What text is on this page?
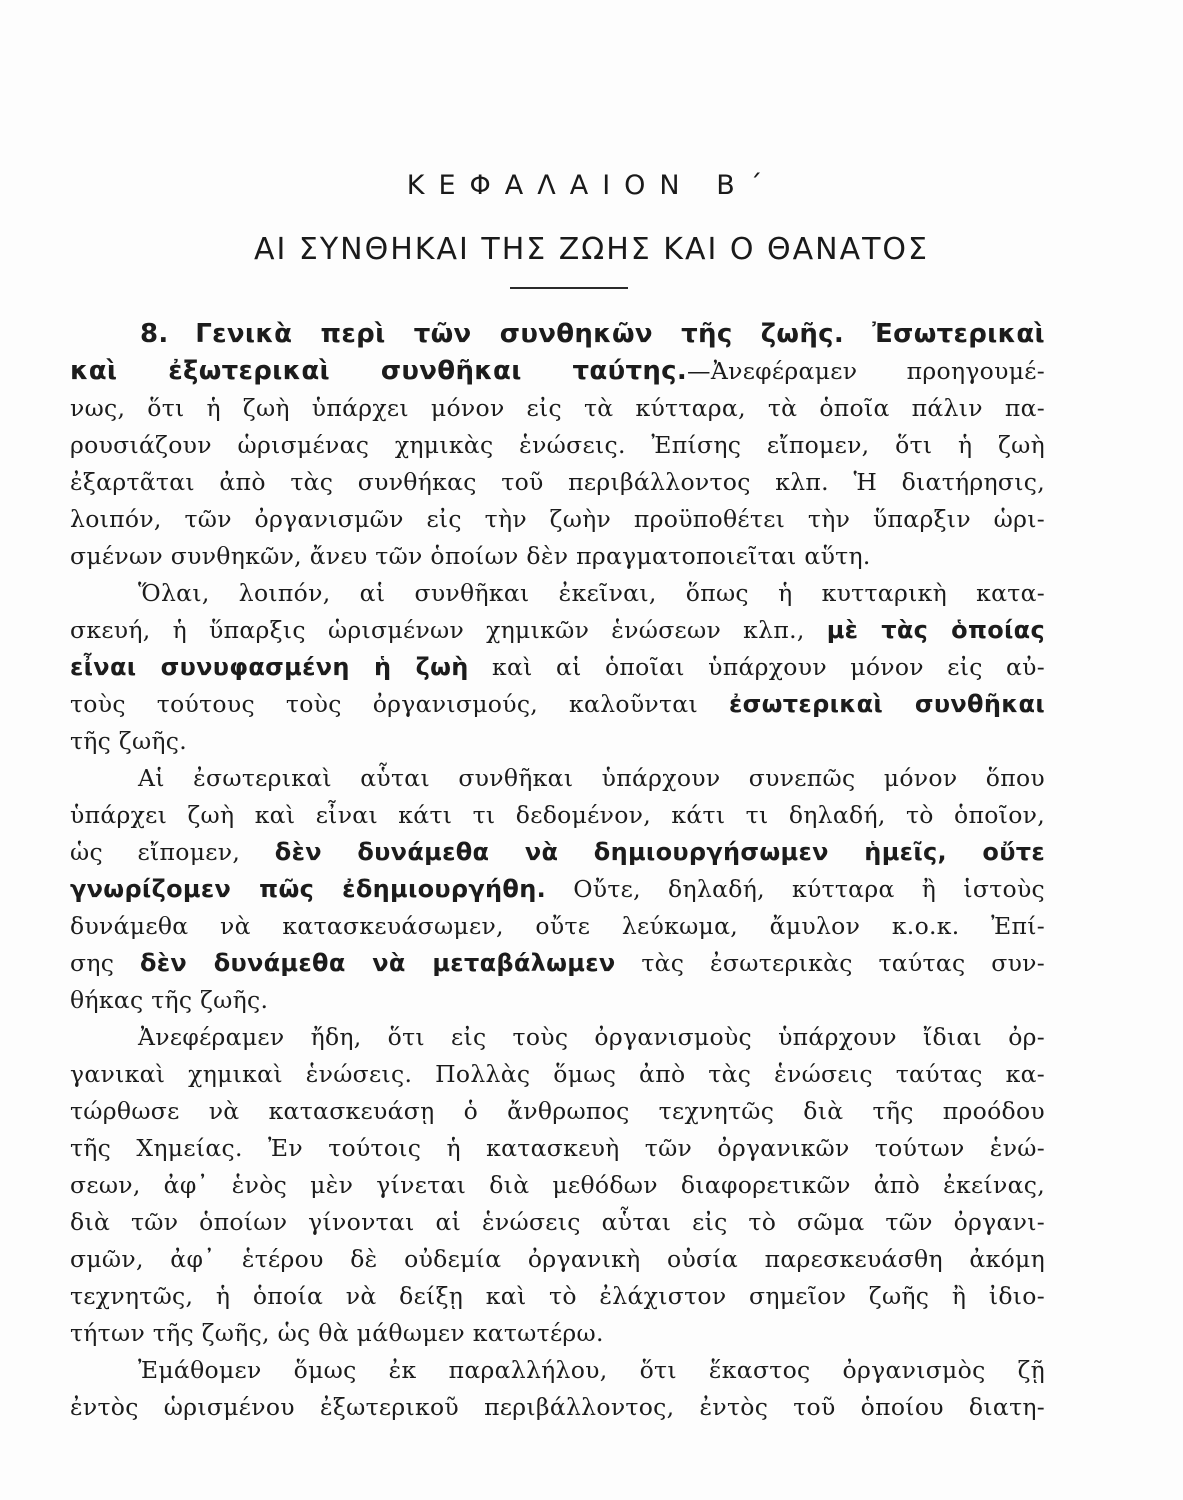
ΚΕΦΑΛΑΙΟΝ Β΄
ΑΙ ΣΥΝΘΗΚΑΙ ΤΗΣ ΖΩΗΣ ΚΑΙ Ο ΘΑΝΑΤΟΣ
8. Γενικὰ περὶ τῶν συνθηκῶν τῆς ζωῆς. Ἐσωτερικαὶ
καὶ ἐξωτερικαὶ συνθῆκαι ταύτης.—Ἀνεφέραμεν προηγουμέ-
νως, ὅτι ἡ ζωὴ ὑπάρχει μόνον εἰς τὰ κύτταρα, τὰ ὁποῖα πάλιν πα-
ρουσιάζουν ὡρισμένας χημικὰς ἑνώσεις. Ἐπίσης εἴπομεν, ὅτι ἡ ζωὴ
ἐξαρτᾶται ἀπὸ τὰς συνθήκας τοῦ περιβάλλοντος κλπ. Ἡ διατήρησις,
λοιπόν, τῶν ὀργανισμῶν εἰς τὴν ζωὴν προϋποθέτει τὴν ὕπαρξιν ὡρι-
σμένων συνθηκῶν, ἄνευ τῶν ὁποίων δὲν πραγματοποιεῖται αὕτη.
Ὅλαι, λοιπόν, αἱ συνθῆκαι ἐκεῖναι, ὅπως ἡ κυτταρικὴ κατα-
σκευή, ἡ ὕπαρξις ὡρισμένων χημικῶν ἑνώσεων κλπ., μὲ τὰς ὁποίας
εἶναι συνυφασμένη ἡ ζωὴ καὶ αἱ ὁποῖαι ὑπάρχουν μόνον εἰς αὐ-
τοὺς τούτους τοὺς ὀργανισμούς, καλοῦνται ἐσωτερικαὶ συνθῆκαι
τῆς ζωῆς.
Αἱ ἐσωτερικαὶ αὗται συνθῆκαι ὑπάρχουν συνεπῶς μόνον ὅπου
ὑπάρχει ζωὴ καὶ εἶναι κάτι τι δεδομένον, κάτι τι δηλαδή, τὸ ὁποῖον,
ὡς εἴπομεν, δὲν δυνάμεθα νὰ δημιουργήσωμεν ἡμεῖς, οὔτε
γνωρίζομεν πῶς ἐδημιουργήθη. Οὔτε, δηλαδή, κύτταρα ἢ ἱστοὺς
δυνάμεθα νὰ κατασκευάσωμεν, οὔτε λεύκωμα, ἄμυλον κ.ο.κ. Ἐπί-
σης δὲν δυνάμεθα νὰ μεταβάλωμεν τὰς ἐσωτερικὰς ταύτας συν-
θήκας τῆς ζωῆς.
Ἀνεφέραμεν ἤδη, ὅτι εἰς τοὺς ὀργανισμοὺς ὑπάρχουν ἴδιαι ὀρ-
γανικαὶ χημικαὶ ἑνώσεις. Πολλὰς ὅμως ἀπὸ τὰς ἑνώσεις ταύτας κα-
τώρθωσε νὰ κατασκευάσῃ ὁ ἄνθρωπος τεχνητῶς διὰ τῆς προόδου
τῆς Χημείας. Ἐν τούτοις ἡ κατασκευὴ τῶν ὀργανικῶν τούτων ἑνώ-
σεων, ἀφ᾿ ἑνὸς μὲν γίνεται διὰ μεθόδων διαφορετικῶν ἀπὸ ἐκείνας,
διὰ τῶν ὁποίων γίνονται αἱ ἑνώσεις αὗται εἰς τὸ σῶμα τῶν ὀργανι-
σμῶν, ἀφ᾿ ἑτέρου δὲ οὐδεμία ὀργανικὴ οὐσία παρεσκευάσθη ἀκόμη
τεχνητῶς, ἡ ὁποία νὰ δείξῃ καὶ τὸ ἐλάχιστον σημεῖον ζωῆς ἢ ἰδιο-
τήτων τῆς ζωῆς, ὡς θὰ μάθωμεν κατωτέρω.
Ἐμάθομεν ὅμως ἐκ παραλλήλου, ὅτι ἕκαστος ὀργανισμὸς ζῇ
ἐντὸς ὡρισμένου ἐξωτερικοῦ περιβάλλοντος, ἐντὸς τοῦ ὁποίου διατη-
